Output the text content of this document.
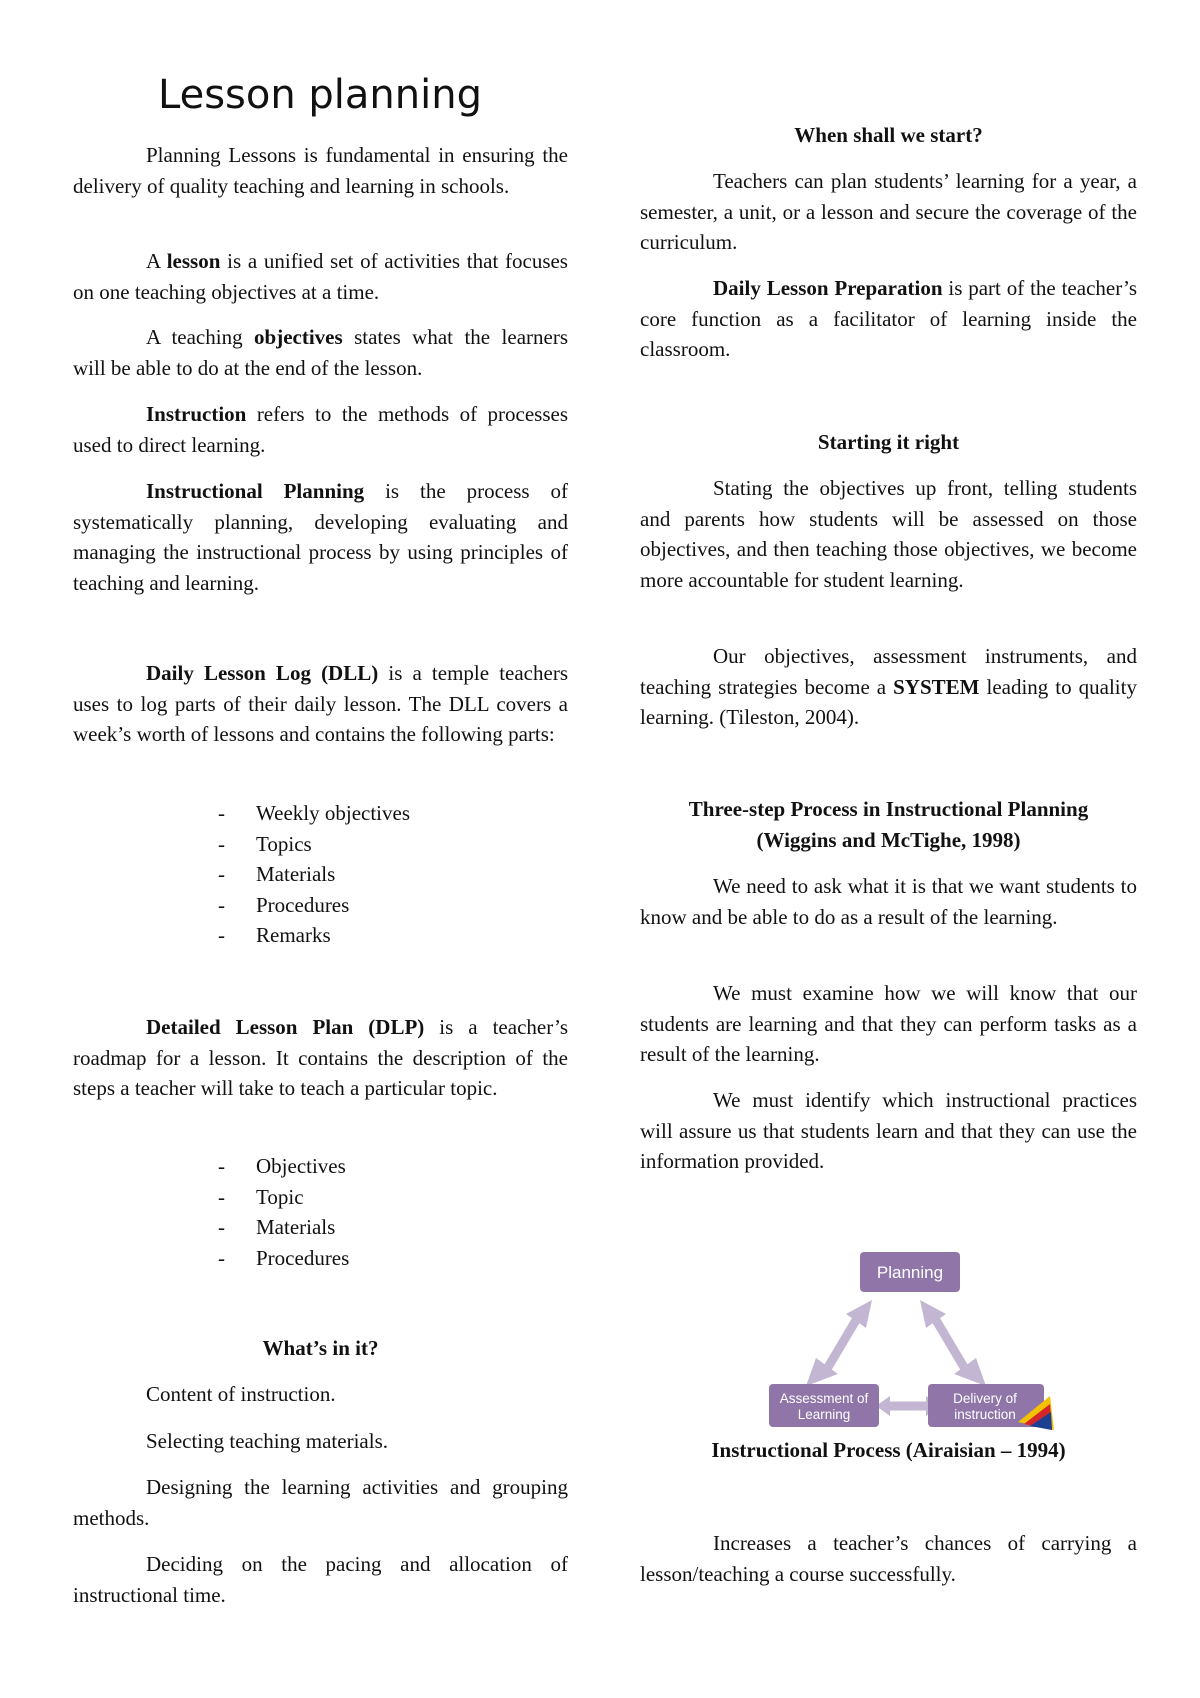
Lesson planning

Planning Lessons is fundamental in ensuring the delivery of quality teaching and learning in schools.

A lesson is a unified set of activities that focuses on one teaching objectives at a time.

A teaching objectives states what the learners will be able to do at the end of the lesson.

Instruction refers to the methods of processes used to direct learning.

Instructional Planning is the process of systematically planning, developing evaluating and managing the instructional process by using principles of teaching and learning.

Daily Lesson Log (DLL) is a temple teachers uses to log parts of their daily lesson. The DLL covers a week’s worth of lessons and contains the following parts:

- Weekly objectives
- Topics
- Materials
- Procedures
- Remarks

Detailed Lesson Plan (DLP) is a teacher’s roadmap for a lesson. It contains the description of the steps a teacher will take to teach a particular topic.

- Objectives
- Topic
- Materials
- Procedures

What’s in it?

Content of instruction.

Selecting teaching materials.

Designing the learning activities and grouping methods.

Deciding on the pacing and allocation of instructional time.

When shall we start?

Teachers can plan students’ learning for a year, a semester, a unit, or a lesson and secure the coverage of the curriculum.

Daily Lesson Preparation is part of the teacher’s core function as a facilitator of learning inside the classroom.

Starting it right

Stating the objectives up front, telling students and parents how students will be assessed on those objectives, and then teaching those objectives, we become more accountable for student learning.

Our objectives, assessment instruments, and teaching strategies become a SYSTEM leading to quality learning. (Tileston, 2004).

Three-step Process in Instructional Planning
(Wiggins and McTighe, 1998)

We need to ask what it is that we want students to know and be able to do as a result of the learning.

We must examine how we will know that our students are learning and that they can perform tasks as a result of the learning.

We must identify which instructional practices will assure us that students learn and that they can use the information provided.

Increases a teacher’s chances of carrying a lesson/teaching a course successfully.

Planning
Assessment of
Learning
Delivery of
instruction
Instructional Process (Airaisian – 1994)
